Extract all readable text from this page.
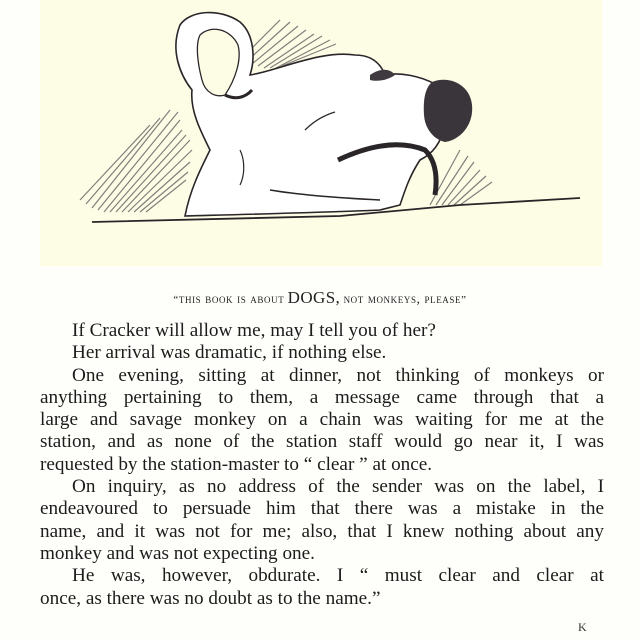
“this book is about DOGS, not monkeys, please”
If Cracker will allow me, may I tell you of her?
Her arrival was dramatic, if nothing else.
One evening, sitting at dinner, not thinking of monkeys or
anything pertaining to them, a message came through that a
large and savage monkey on a chain was waiting for me at the
station, and as none of the station staff would go near it, I was
requested by the station-master to “ clear ” at once.
On inquiry, as no address of the sender was on the label, I
endeavoured to persuade him that there was a mistake in the
name, and it was not for me; also, that I knew nothing about any
monkey and was not expecting one.
He was, however, obdurate. I “ must clear and clear at
once, as there was no doubt as to the name.”
K
